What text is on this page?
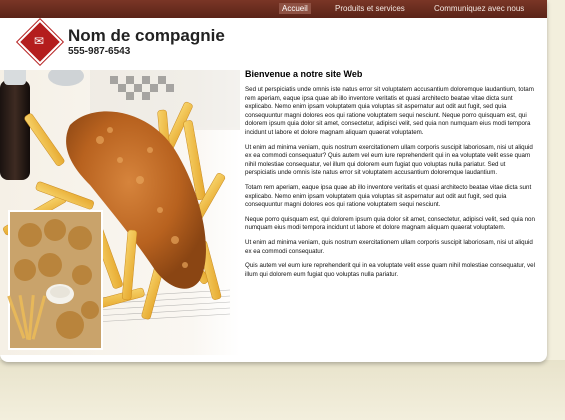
Accueil	Produits et services	Communiquez avec nous
✉ Nom de compagnie
555-987-6543
Bienvenue a notre site Web

Sed ut perspiciatis unde omnis iste natus error sit voluptatem accusantium doloremque laudantium, totam rem aperiam, eaque ipsa quae ab illo inventore veritatis et quasi architecto beatae vitae dicta sunt explicabo. Nemo enim ipsam voluptatem quia voluptas sit aspernatur aut odit aut fugit, sed quia consequuntur magni dolores eos qui ratione voluptatem sequi nesciunt. Neque porro quisquam est, qui dolorem ipsum quia dolor sit amet, consectetur, adipisci velit, sed quia non numquam eius modi tempora incidunt ut labore et dolore magnam aliquam quaerat voluptatem.

Ut enim ad minima veniam, quis nostrum exercitationem ullam corporis suscipit laboriosam, nisi ut aliquid ex ea commodi consequatur? Quis autem vel eum iure reprehenderit qui in ea voluptate velit esse quam nihil molestiae consequatur, vel illum qui dolorem eum fugiat quo voluptas nulla pariatur. Sed ut perspiciatis unde omnis iste natus error sit voluptatem accusantium doloremque laudantium.

Totam rem aperiam, eaque ipsa quae ab illo inventore veritatis et quasi architecto beatae vitae dicta sunt explicabo. Nemo enim ipsam voluptatem quia voluptas sit aspernatur aut odit aut fugit, sed quia consequuntur magni dolores eos qui ratione voluptatem sequi nesciunt.

Neque porro quisquam est, qui dolorem ipsum quia dolor sit amet, consectetur, adipisci velit, sed quia non numquam eius modi tempora incidunt ut labore et dolore magnam aliquam quaerat voluptatem.

Ut enim ad minima veniam, quis nostrum exercitationem ullam corporis suscipit laboriosam, nisi ut aliquid ex ea commodi consequatur.

Quis autem vel eum iure reprehenderit qui in ea voluptate velit esse quam nihil molestiae consequatur, vel illum qui dolorem eum fugiat quo voluptas nulla pariatur.
